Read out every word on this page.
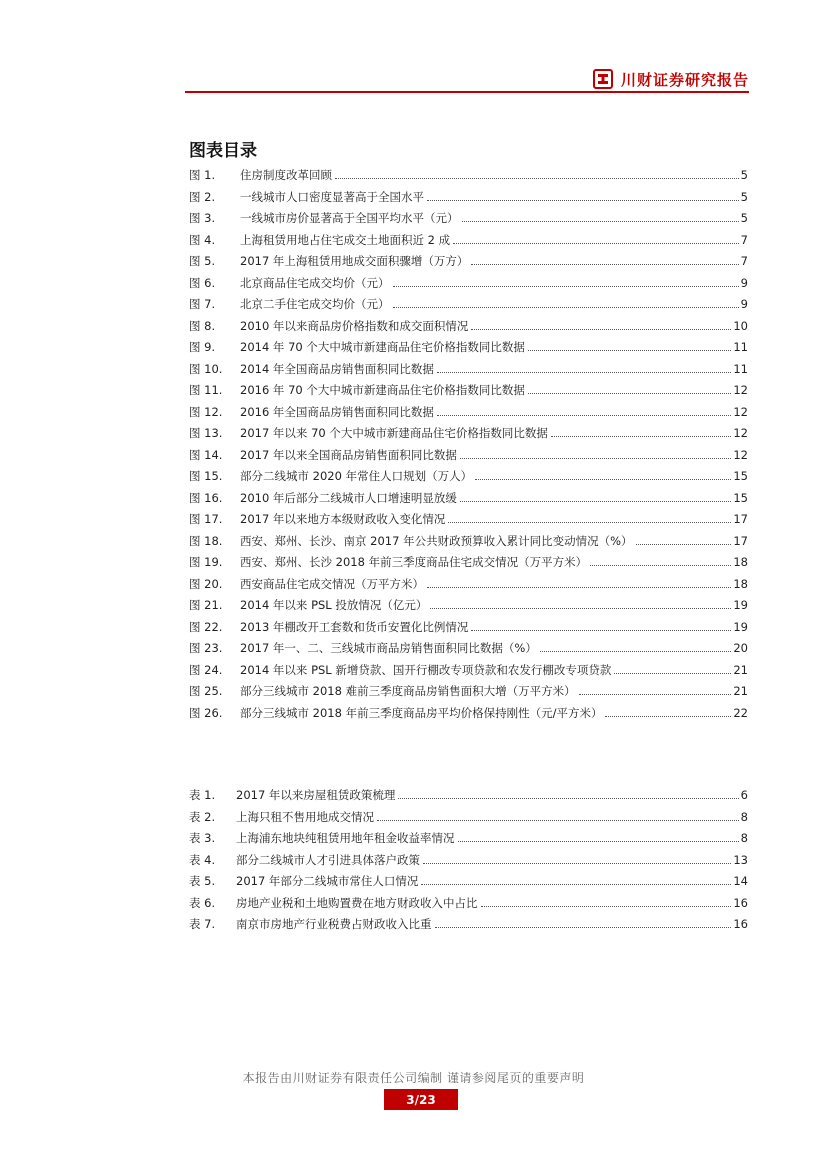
川财证券研究报告
图表目录
图 1.	住房制度改革回顾	5
图 2.	一线城市人口密度显著高于全国水平	5
图 3.	一线城市房价显著高于全国平均水平（元）	5
图 4.	上海租赁用地占住宅成交土地面积近 2 成	7
图 5.	2017 年上海租赁用地成交面积骤增（万方）	7
图 6.	北京商品住宅成交均价（元）	9
图 7.	北京二手住宅成交均价（元）	9
图 8.	2010 年以来商品房价格指数和成交面积情况	10
图 9.	2014 年 70 个大中城市新建商品住宅价格指数同比数据	11
图 10.	2014 年全国商品房销售面积同比数据	11
图 11.	2016 年 70 个大中城市新建商品住宅价格指数同比数据	12
图 12.	2016 年全国商品房销售面积同比数据	12
图 13.	2017 年以来 70 个大中城市新建商品住宅价格指数同比数据	12
图 14.	2017 年以来全国商品房销售面积同比数据	12
图 15.	部分二线城市 2020 年常住人口规划（万人）	15
图 16.	2010 年后部分二线城市人口增速明显放缓	15
图 17.	2017 年以来地方本级财政收入变化情况	17
图 18.	西安、郑州、长沙、南京 2017 年公共财政预算收入累计同比变动情况（%）	17
图 19.	西安、郑州、长沙 2018 年前三季度商品住宅成交情况（万平方米）	18
图 20.	西安商品住宅成交情况（万平方米）	18
图 21.	2014 年以来 PSL 投放情况（亿元）	19
图 22.	2013 年棚改开工套数和货币安置化比例情况	19
图 23.	2017 年一、二、三线城市商品房销售面积同比数据（%）	20
图 24.	2014 年以来 PSL 新增贷款、国开行棚改专项贷款和农发行棚改专项贷款	21
图 25.	部分三线城市 2018 难前三季度商品房销售面积大增（万平方米）	21
图 26.	部分三线城市 2018 年前三季度商品房平均价格保持刚性（元/平方米）	22
表 1.	2017 年以来房屋租赁政策梳理	6
表 2.	上海只租不售用地成交情况	8
表 3.	上海浦东地块纯租赁用地年租金收益率情况	8
表 4.	部分二线城市人才引进具体落户政策	13
表 5.	2017 年部分二线城市常住人口情况	14
表 6.	房地产业税和土地购置费在地方财政收入中占比	16
表 7.	南京市房地产行业税费占财政收入比重	16
本报告由川财证券有限责任公司编制 谨请参阅尾页的重要声明
3/23
